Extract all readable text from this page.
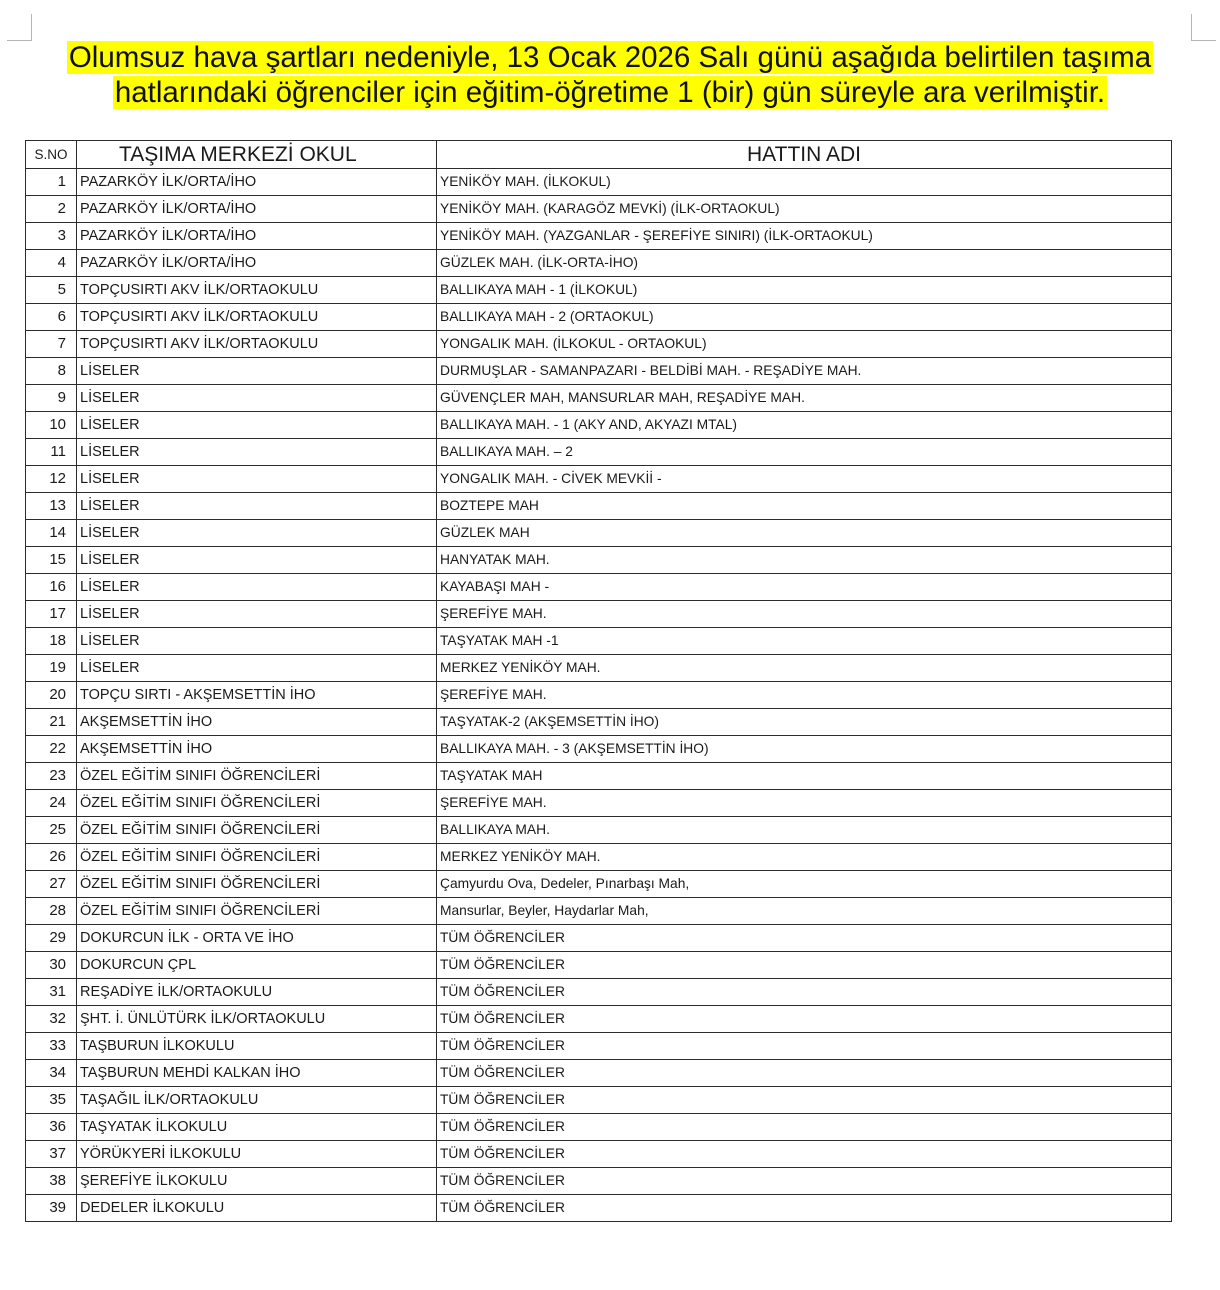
Olumsuz hava şartları nedeniyle, 13 Ocak 2026 Salı günü aşağıda belirtilen taşıma
hatlarındaki öğrenciler için eğitim-öğretime 1 (bir) gün süreyle ara verilmiştir.
S.NO	TAŞIMA MERKEZİ OKUL	HATTIN ADI
1	PAZARKÖY İLK/ORTA/İHO	YENİKÖY MAH. (İLKOKUL)
2	PAZARKÖY İLK/ORTA/İHO	YENİKÖY MAH. (KARAGÖZ MEVKİ) (İLK-ORTAOKUL)
3	PAZARKÖY İLK/ORTA/İHO	YENİKÖY MAH. (YAZGANLAR - ŞEREFİYE SINIRI) (İLK-ORTAOKUL)
4	PAZARKÖY İLK/ORTA/İHO	GÜZLEK MAH. (İLK-ORTA-İHO)
5	TOPÇUSIRTI AKV İLK/ORTAOKULU	BALLIKAYA MAH - 1 (İLKOKUL)
6	TOPÇUSIRTI AKV İLK/ORTAOKULU	BALLIKAYA MAH - 2 (ORTAOKUL)
7	TOPÇUSIRTI AKV İLK/ORTAOKULU	YONGALIK MAH. (İLKOKUL - ORTAOKUL)
8	LİSELER	DURMUŞLAR - SAMANPAZARI - BELDİBİ MAH. - REŞADİYE MAH.
9	LİSELER	GÜVENÇLER MAH, MANSURLAR MAH, REŞADİYE MAH.
10	LİSELER	BALLIKAYA MAH. - 1 (AKY AND, AKYAZI MTAL)
11	LİSELER	BALLIKAYA MAH. – 2
12	LİSELER	YONGALIK MAH. - CİVEK MEVKİİ -
13	LİSELER	BOZTEPE MAH
14	LİSELER	GÜZLEK MAH
15	LİSELER	HANYATAK MAH.
16	LİSELER	KAYABAŞI MAH -
17	LİSELER	ŞEREFİYE MAH.
18	LİSELER	TAŞYATAK MAH -1
19	LİSELER	MERKEZ YENİKÖY MAH.
20	TOPÇU SIRTI - AKŞEMSETTİN İHO	ŞEREFİYE MAH.
21	AKŞEMSETTİN İHO	TAŞYATAK-2 (AKŞEMSETTİN İHO)
22	AKŞEMSETTİN İHO	BALLIKAYA MAH. - 3 (AKŞEMSETTİN İHO)
23	ÖZEL EĞİTİM SINIFI ÖĞRENCİLERİ	TAŞYATAK MAH
24	ÖZEL EĞİTİM SINIFI ÖĞRENCİLERİ	ŞEREFİYE MAH.
25	ÖZEL EĞİTİM SINIFI ÖĞRENCİLERİ	BALLIKAYA MAH.
26	ÖZEL EĞİTİM SINIFI ÖĞRENCİLERİ	MERKEZ YENİKÖY MAH.
27	ÖZEL EĞİTİM SINIFI ÖĞRENCİLERİ	Çamyurdu Ova, Dedeler, Pınarbaşı Mah,
28	ÖZEL EĞİTİM SINIFI ÖĞRENCİLERİ	Mansurlar, Beyler, Haydarlar Mah,
29	DOKURCUN İLK - ORTA VE İHO	TÜM ÖĞRENCİLER
30	DOKURCUN ÇPL	TÜM ÖĞRENCİLER
31	REŞADİYE İLK/ORTAOKULU	TÜM ÖĞRENCİLER
32	ŞHT. İ. ÜNLÜTÜRK İLK/ORTAOKULU	TÜM ÖĞRENCİLER
33	TAŞBURUN İLKOKULU	TÜM ÖĞRENCİLER
34	TAŞBURUN MEHDİ KALKAN İHO	TÜM ÖĞRENCİLER
35	TAŞAĞIL İLK/ORTAOKULU	TÜM ÖĞRENCİLER
36	TAŞYATAK İLKOKULU	TÜM ÖĞRENCİLER
37	YÖRÜKYERİ İLKOKULU	TÜM ÖĞRENCİLER
38	ŞEREFİYE İLKOKULU	TÜM ÖĞRENCİLER
39	DEDELER İLKOKULU	TÜM ÖĞRENCİLER
